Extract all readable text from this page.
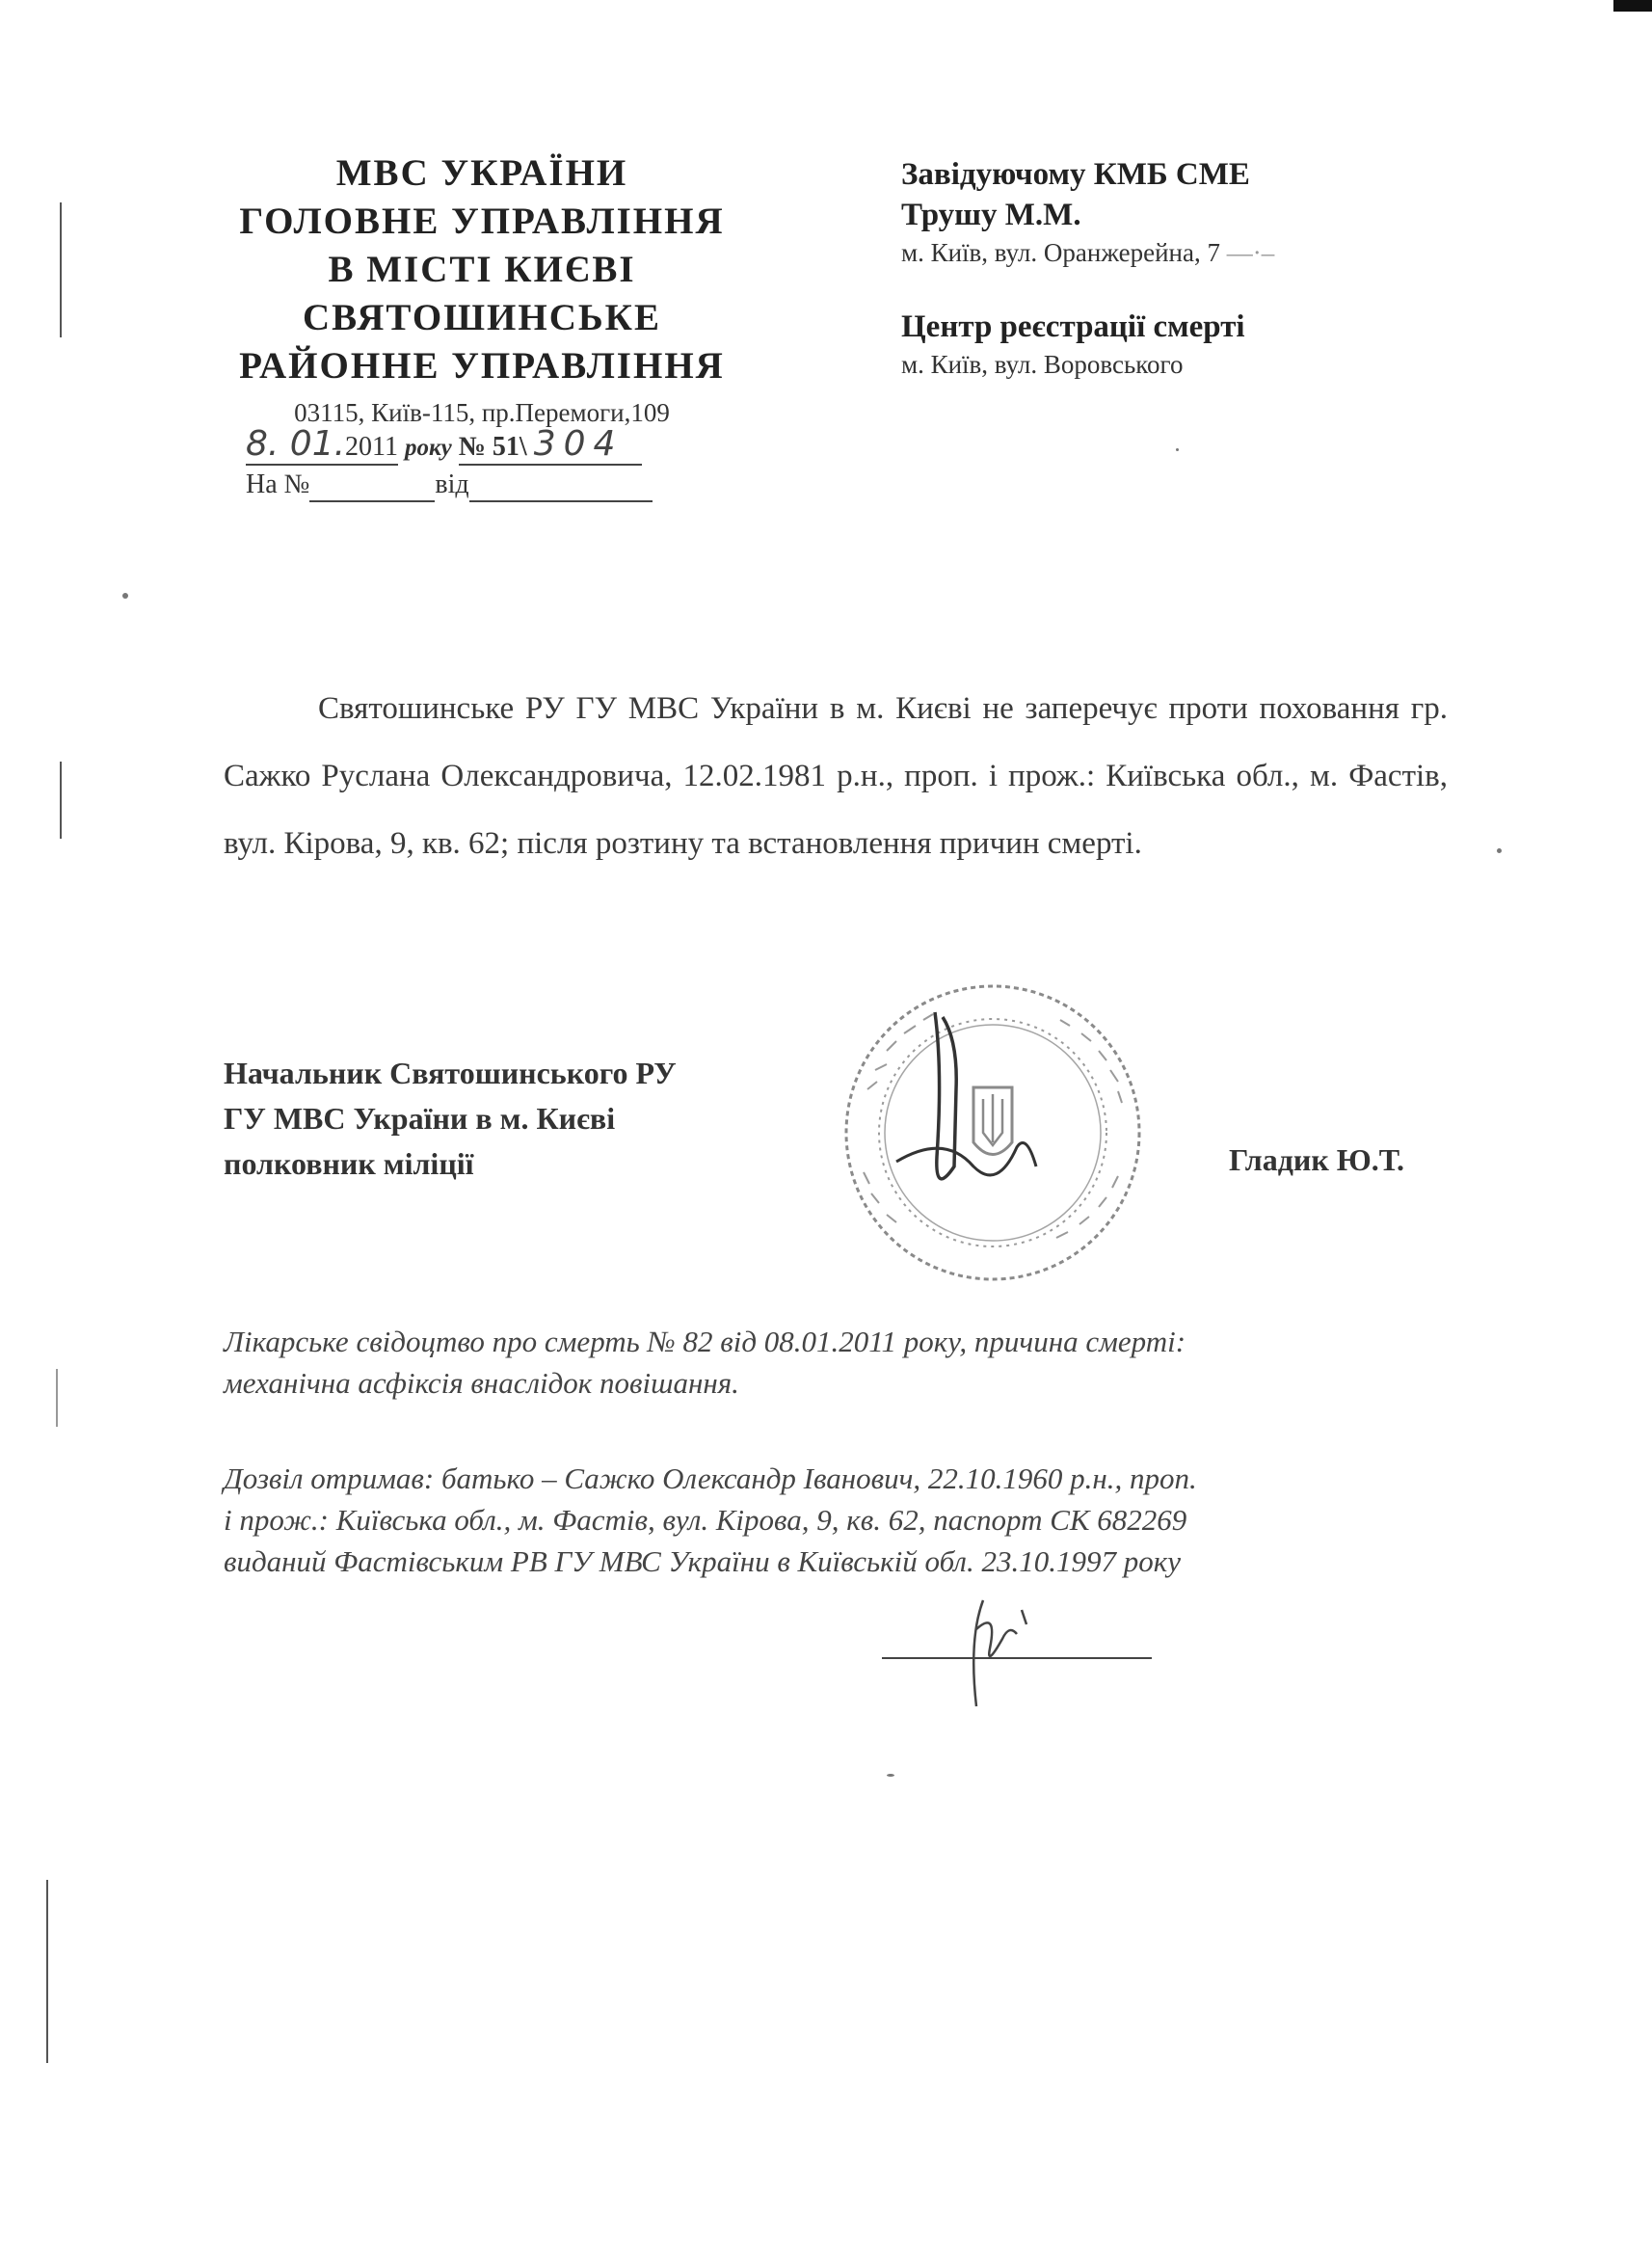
МВС УКРАЇНИ
ГОЛОВНЕ УПРАВЛІННЯ
В МІСТІ КИЄВІ
СВЯТОШИНСЬКЕ
РАЙОННЕ УПРАВЛІННЯ
03115, Київ-115, пр.Перемоги,109
8. 01.2011 року № 51\ 304
На №	від
Завідуючому КМБ СМЕ
Трушу М.М.
м. Київ, вул. Оранжерейна, 7 —·–
Центр реєстрації смерті
м. Київ, вул. Воровського
Святошинське РУ ГУ МВС України в м. Києві не заперечує проти поховання гр. Сажко Руслана Олександровича, 12.02.1981 р.н., проп. і прож.: Київська обл., м. Фастів, вул. Кірова, 9, кв. 62; після розтину та встановлення причин смерті.
Начальник Святошинського РУ
ГУ МВС України в м. Києві
полковник міліції	Гладик Ю.Т.
Лікарське свідоцтво про смерть № 82 від 08.01.2011 року, причина смерті:
механічна асфіксія внаслідок повішання.
Дозвіл отримав: батько – Сажко Олександр Іванович, 22.10.1960 р.н., проп.
і прож.: Київська обл., м. Фастів, вул. Кірова, 9, кв. 62, паспорт СК 682269
виданий Фастівським РВ ГУ МВС України в Київській обл. 23.10.1997 року
